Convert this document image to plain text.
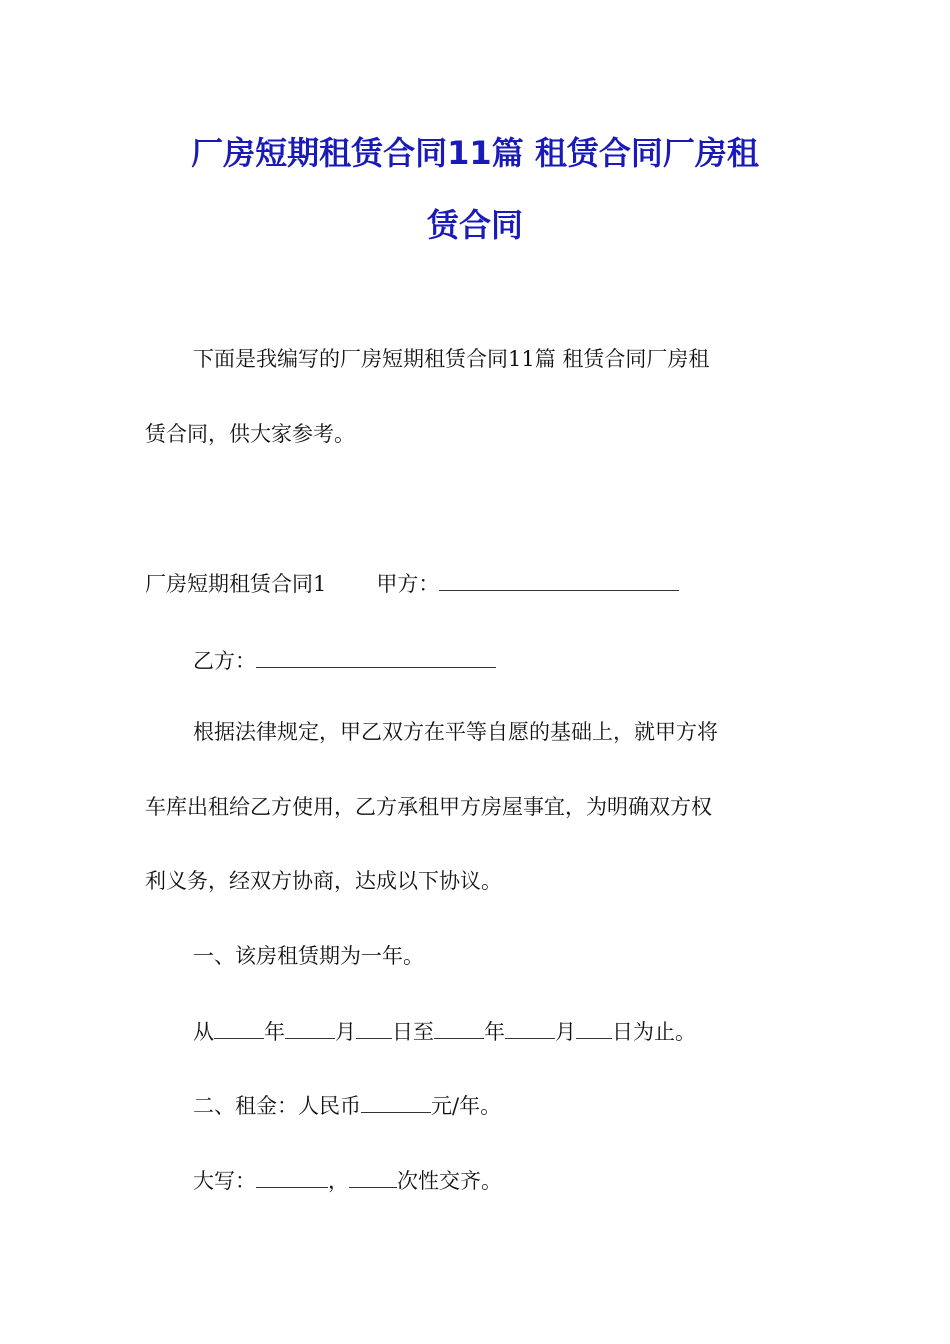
厂房短期租赁合同11篇 租赁合同厂房租
赁合同

下面是我编写的厂房短期租赁合同11篇 租赁合同厂房租

赁合同，供大家参考。

厂房短期租赁合同1 甲方：

乙方：

根据法律规定，甲乙双方在平等自愿的基础上，就甲方将

车库出租给乙方使用，乙方承租甲方房屋事宜，为明确双方权

利义务，经双方协商，达成以下协议。

一、该房租赁期为一年。

从 年 月 日至 年 月 日为止。

二、租金：人民币	元/年。

大写：	， 次性交齐。
